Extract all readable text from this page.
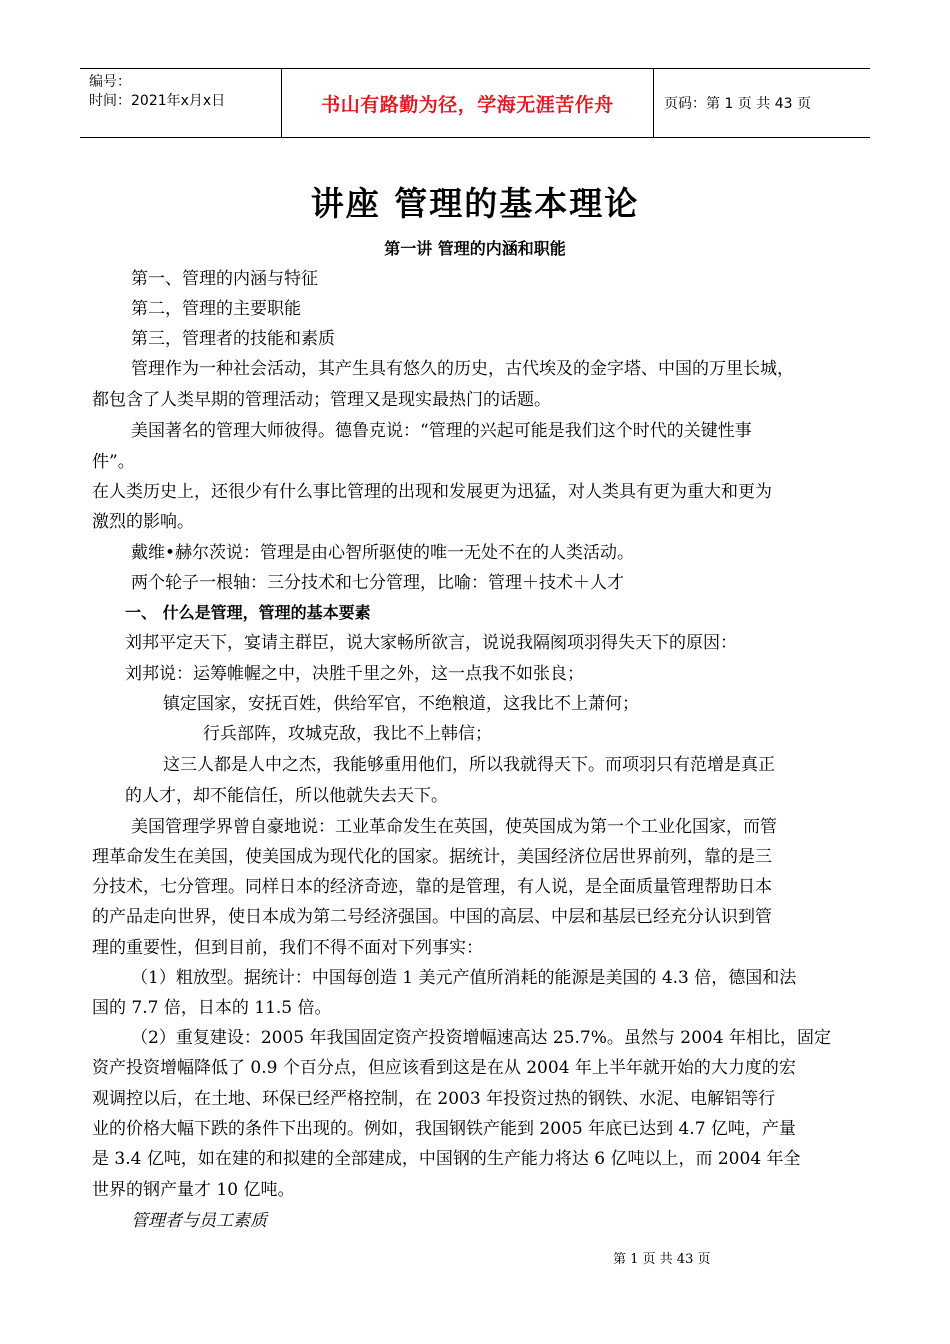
编号：
时间：2021年x月x日	书山有路勤为径，学海无涯苦作舟	页码：第 1 页 共 43 页
讲座 管理的基本理论
第一讲 管理的内涵和职能
第一、管理的内涵与特征
第二，管理的主要职能
第三，管理者的技能和素质
管理作为一种社会活动，其产生具有悠久的历史，古代埃及的金字塔、中国的万里长城，
都包含了人类早期的管理活动；管理又是现实最热门的话题。
美国著名的管理大师彼得。德鲁克说：“管理的兴起可能是我们这个时代的关键性事
件”。
在人类历史上，还很少有什么事比管理的出现和发展更为迅猛，对人类具有更为重大和更为
激烈的影响。
戴维•赫尔茨说：管理是由心智所驱使的唯一无处不在的人类活动。
两个轮子一根轴：三分技术和七分管理，比喻：管理＋技术＋人才
一、 什么是管理，管理的基本要素
刘邦平定天下，宴请主群臣，说大家畅所欲言，说说我隔阂项羽得失天下的原因：
刘邦说：运筹帷幄之中，决胜千里之外，这一点我不如张良；
镇定国家，安抚百姓，供给军官，不绝粮道，这我比不上萧何；
行兵部阵，攻城克敌，我比不上韩信；
这三人都是人中之杰，我能够重用他们，所以我就得天下。而项羽只有范增是真正
的人才，却不能信任，所以他就失去天下。
美国管理学界曾自豪地说：工业革命发生在英国，使英国成为第一个工业化国家，而管
理革命发生在美国，使美国成为现代化的国家。据统计，美国经济位居世界前列，靠的是三
分技术，七分管理。同样日本的经济奇迹，靠的是管理，有人说，是全面质量管理帮助日本
的产品走向世界，使日本成为第二号经济强国。中国的高层、中层和基层已经充分认识到管
理的重要性，但到目前，我们不得不面对下列事实：
（1）粗放型。据统计：中国每创造 1 美元产值所消耗的能源是美国的 4.3 倍，德国和法
国的 7.7 倍，日本的 11.5 倍。
（2）重复建设：2005 年我国固定资产投资增幅速高达 25.7%。虽然与 2004 年相比，固定
资产投资增幅降低了 0.9 个百分点，但应该看到这是在从 2004 年上半年就开始的大力度的宏
观调控以后，在土地、环保已经严格控制，在 2003 年投资过热的钢铁、水泥、电解铝等行
业的价格大幅下跌的条件下出现的。例如，我国钢铁产能到 2005 年底已达到 4.7 亿吨，产量
是 3.4 亿吨，如在建的和拟建的全部建成，中国钢的生产能力将达 6 亿吨以上，而 2004 年全
世界的钢产量才 10 亿吨。
管理者与员工素质
第 1 页 共 43 页
